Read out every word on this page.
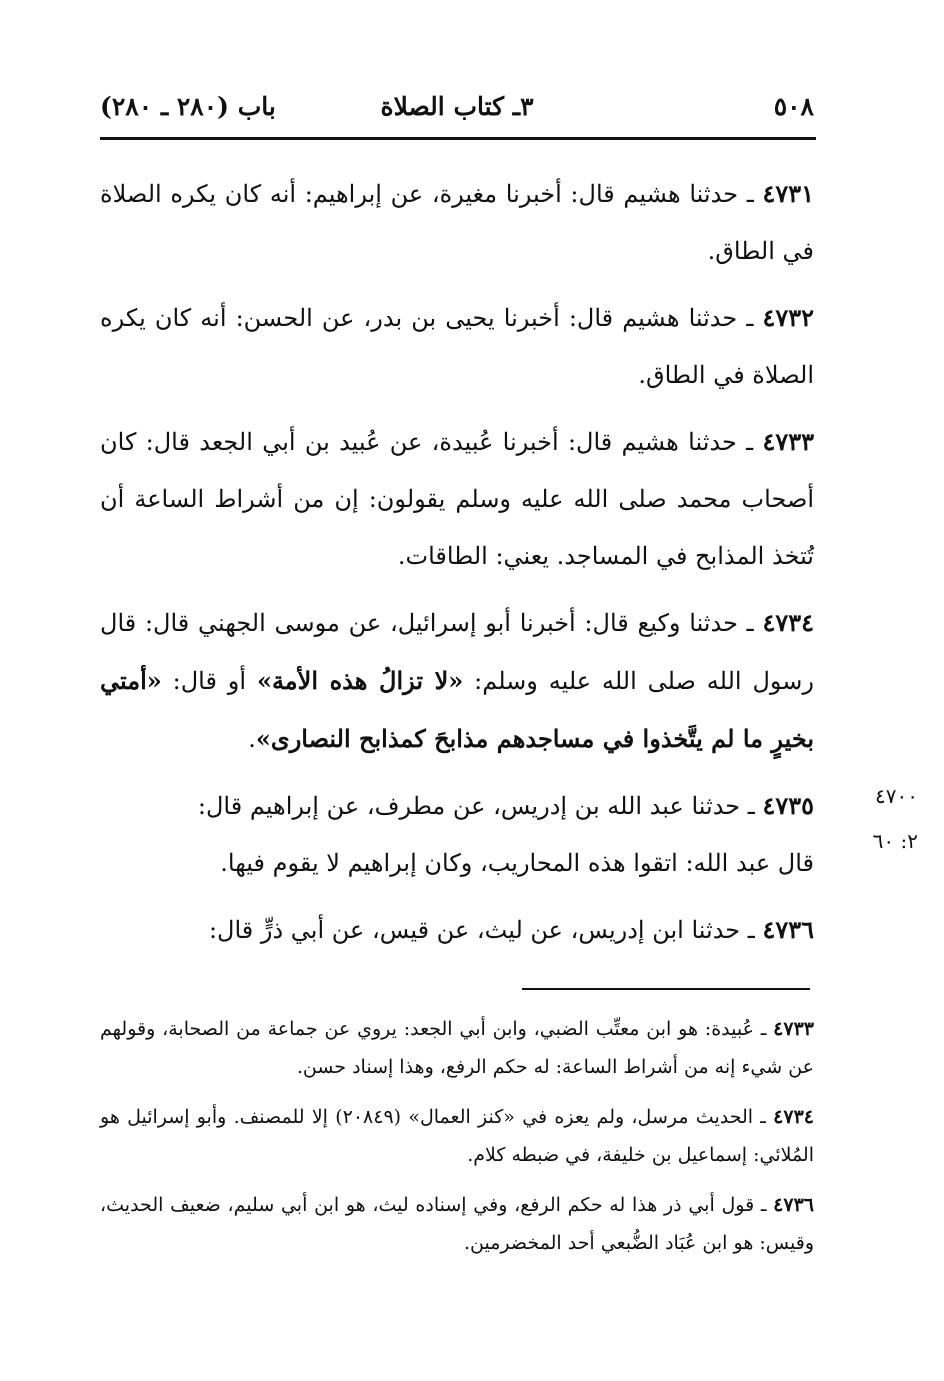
٥٠٨
٣ـ كتاب الصلاة
باب (٢٨٠ ـ ٢٨٠)

٤٧٣١ ـ حدثنا هشيم قال: أخبرنا مغيرة، عن إبراهيم: أنه كان يكره الصلاة في الطاق.

٤٧٣٢ ـ حدثنا هشيم قال: أخبرنا يحيى بن بدر، عن الحسن: أنه كان يكره الصلاة في الطاق.

٤٧٣٣ ـ حدثنا هشيم قال: أخبرنا عُبيدة، عن عُبيد بن أبي الجعد قال: كان أصحاب محمد صلى الله عليه وسلم يقولون: إن من أشراط الساعة أن تُتخذ المذابح في المساجد. يعني: الطاقات.

٤٧٣٤ ـ حدثنا وكيع قال: أخبرنا أبو إسرائيل، عن موسى الجهني قال: قال رسول الله صلى الله عليه وسلم: «لا تزالُ هذه الأمة» أو قال: «أمتي بخيرٍ ما لم يتَّخذوا في مساجدهم مذابحَ كمذابح النصارى».

٤٧٣٥ ـ حدثنا عبد الله بن إدريس، عن مطرف، عن إبراهيم قال:
قال عبد الله: اتقوا هذه المحاريب، وكان إبراهيم لا يقوم فيها.

٤٧٣٦ ـ حدثنا ابن إدريس، عن ليث، عن قيس، عن أبي ذرٍّ قال:

٤٧٠٠
٢: ٦٠

٤٧٣٣ ـ عُبيدة: هو ابن معتِّب الضبي، وابن أبي الجعد: يروي عن جماعة من الصحابة، وقولهم عن شيء إنه من أشراط الساعة: له حكم الرفع، وهذا إسناد حسن.

٤٧٣٤ ـ الحديث مرسل، ولم يعزه في «كنز العمال» (٢٠٨٤٩) إلا للمصنف. وأبو إسرائيل هو المُلائي: إسماعيل بن خليفة، في ضبطه كلام.

٤٧٣٦ ـ قول أبي ذر هذا له حكم الرفع، وفي إسناده ليث، هو ابن أبي سليم، ضعيف الحديث، وقيس: هو ابن عُبَاد الضُّبعي أحد المخضرمين.
